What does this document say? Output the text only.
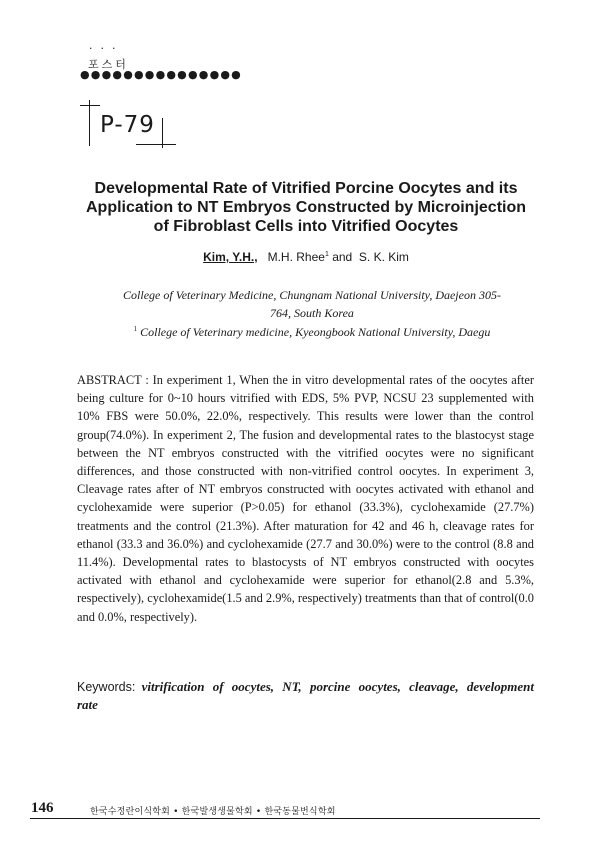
···
포스터
●●●●●●●●●●●●●●●
P-79
Developmental Rate of Vitrified Porcine Oocytes and its
Application to NT Embryos Constructed by Microinjection
of Fibroblast Cells into Vitrified Oocytes
Kim, Y.H., M.H. Rhee$^1$ and S. K. Kim
College of Veterinary Medicine, Chungnam National University, Daejeon 305-
764, South Korea
$^1$ College of Veterinary medicine, Kyeongbook National University, Daegu

ABSTRACT : In experiment 1, When the in vitro developmental rates of the oocytes after being culture for 0~10 hours vitrified with EDS, 5% PVP, NCSU 23 supplemented with 10% FBS were 50.0%, 22.0%, respectively. This results were lower than the control group(74.0%). In experiment 2, The fusion and developmental rates to the blastocyst stage between the NT embryos constructed with the vitrified oocytes were no significant differences, and those constructed with non-vitrified control oocytes. In experiment 3, Cleavage rates after of NT embryos constructed with oocytes activated with ethanol and cyclohexamide were superior (P>0.05) for ethanol (33.3%), cyclohexamide (27.7%) treatments and the control (21.3%). After maturation for 42 and 46 h, cleavage rates for ethanol (33.3 and 36.0%) and cyclohexamide (27.7 and 30.0%) were to the control (8.8 and 11.4%). Developmental rates to blastocysts of NT embryos constructed with oocytes activated with ethanol and cyclohexamide were superior for ethanol(2.8 and 5.3%, respectively), cyclohexamide(1.5 and 2.9%, respectively) treatments than that of control(0.0 and 0.0%, respectively).

Keywords: vitrification of oocytes, NT, porcine oocytes, cleavage, development rate
146	한국수정란이식학회 • 한국발생생물학회 • 한국동물번식학회
